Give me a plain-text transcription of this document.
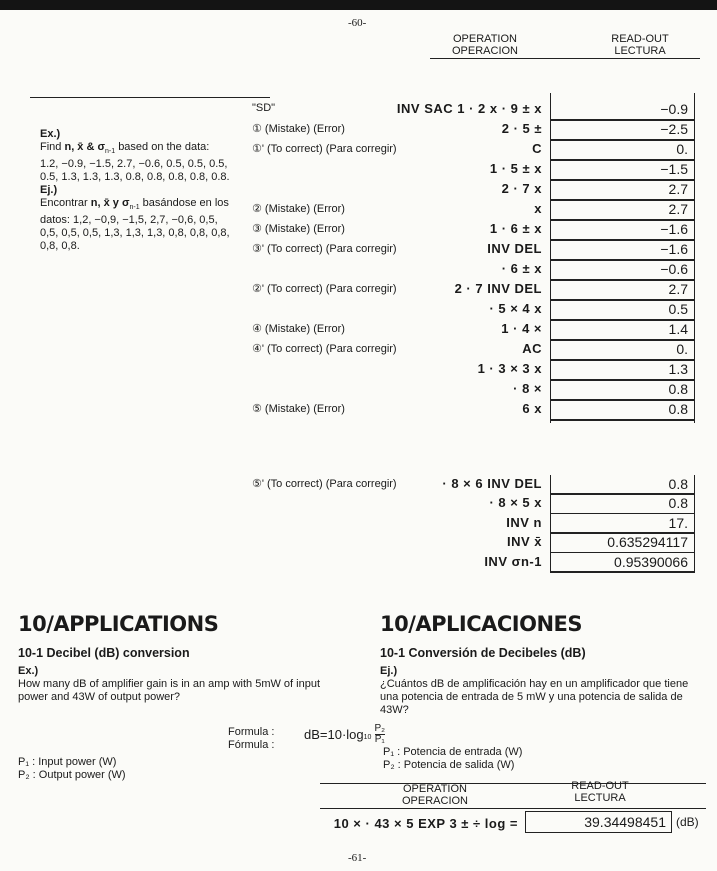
-60-
OPERATION
OPERACION
READ-OUT
LECTURA
Ex.)
Find n, x̄ & $\sigma_{n-1}$ based on the data: 1.2, −0.9, −1.5, 2.7, −0.6, 0.5, 0.5, 0.5, 0.5, 1.3, 1.3, 1.3, 0.8, 0.8, 0.8, 0.8, 0.8.
Ej.)
Encontrar n, x̄ y $\sigma_{n-1}$ basándose en los datos: 1,2, −0,9, −1,5, 2,7, −0,6, 0,5, 0,5, 0,5, 0,5, 1,3, 1,3, 1,3, 0,8, 0,8, 0,8, 0,8, 0,8.
"SD"	INV SAC 1 · 2 x · 9 ± x	−0.9
① (Mistake) (Error)	2 · 5 ±	−2.5
①' (To correct) (Para corregir)	C	0.
1 · 5 ± x	−1.5
2 · 7 x	2.7
② (Mistake) (Error)	x	2.7
③ (Mistake) (Error)	1 · 6 ± x	−1.6
③' (To correct) (Para corregir)	INV DEL	−1.6
· 6 ± x	−0.6
②' (To correct) (Para corregir)	2 · 7 INV DEL	2.7
· 5 × 4 x	0.5
④ (Mistake) (Error)	1 · 4 ×	1.4
④' (To correct) (Para corregir)	AC	0.
1 · 3 × 3 x	1.3
· 8 ×	0.8
⑤ (Mistake) (Error)	6 x	0.8
⑤' (To correct) (Para corregir)	· 8 × 6 INV DEL	0.8
· 8 × 5 x	0.8
INV n	17.
INV x̄	0.635294117
INV σn-1	0.95390066
10/APPLICATIONS
10-1 Decibel (dB) conversion
Ex.)
How many dB of amplifier gain is in an amp with 5mW of input power and 43W of output power?
P₁ : Input power (W)
P₂ : Output power (W)
10/APLICACIONES
10-1 Conversión de Decibeles (dB)
Ej.)
¿Cuántos dB de amplificación hay en un amplificador que tiene una potencia de entrada de 5 mW y una potencia de salida de 43W?
P₁ : Potencia de entrada (W)
P₂ : Potencia de salida (W)
Formula :
Fórmula :
$dB=10\cdot\log_{10} \frac{\text{P₂}}{\text{P₁}}$
OPERATION
OPERACION
READ-OUT
LECTURA
10 × · 43 × 5 EXP 3 ± ÷ log =	39.34498451 (dB)
-61-
